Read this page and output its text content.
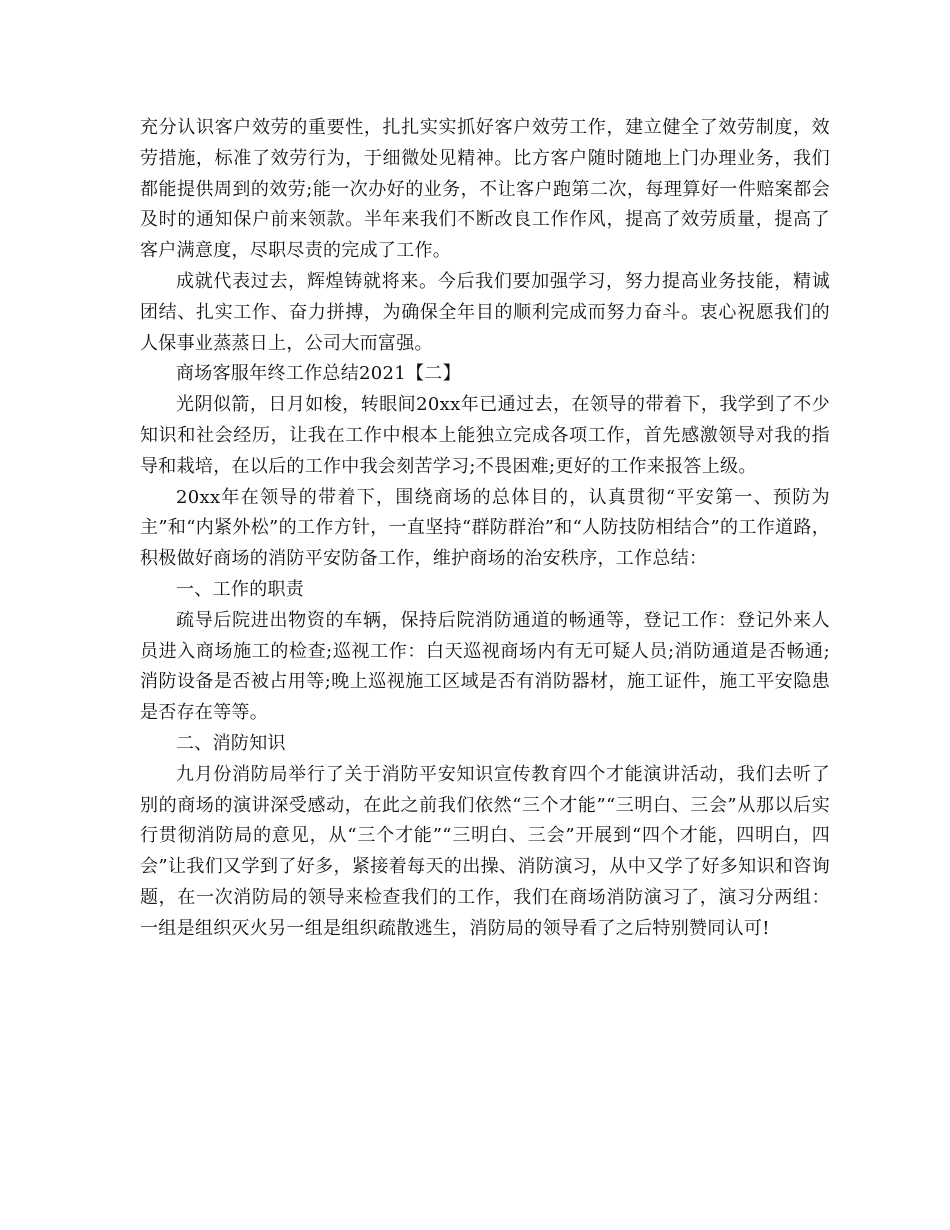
充分认识客户效劳的重要性，扎扎实实抓好客户效劳工作，建立健全了效劳制度，效劳措施，标准了效劳行为，于细微处见精神。比方客户随时随地上门办理业务，我们都能提供周到的效劳;能一次办好的业务，不让客户跑第二次，每理算好一件赔案都会及时的通知保户前来领款。半年来我们不断改良工作作风，提高了效劳质量，提高了客户满意度，尽职尽责的完成了工作。

成就代表过去，辉煌铸就将来。今后我们要加强学习，努力提高业务技能，精诚团结、扎实工作、奋力拼搏，为确保全年目的顺利完成而努力奋斗。衷心祝愿我们的人保事业蒸蒸日上，公司大而富强。

商场客服年终工作总结2021【二】

光阴似箭，日月如梭，转眼间20xx年已通过去，在领导的带着下，我学到了不少知识和社会经历，让我在工作中根本上能独立完成各项工作，首先感激领导对我的指导和栽培，在以后的工作中我会刻苦学习;不畏困难;更好的工作来报答上级。

20xx年在领导的带着下，围绕商场的总体目的，认真贯彻“平安第一、预防为主”和“内紧外松”的工作方针，一直坚持“群防群治”和“人防技防相结合”的工作道路，积极做好商场的消防平安防备工作，维护商场的治安秩序，工作总结：

一、工作的职责

疏导后院进出物资的车辆，保持后院消防通道的畅通等，登记工作：登记外来人员进入商场施工的检查;巡视工作：白天巡视商场内有无可疑人员;消防通道是否畅通;消防设备是否被占用等;晚上巡视施工区域是否有消防器材，施工证件，施工平安隐患是否存在等等。

二、消防知识

九月份消防局举行了关于消防平安知识宣传教育四个才能演讲活动，我们去听了别的商场的演讲深受感动，在此之前我们依然“三个才能”“三明白、三会”从那以后实行贯彻消防局的意见，从“三个才能”“三明白、三会”开展到“四个才能，四明白，四会”让我们又学到了好多，紧接着每天的出操、消防演习，从中又学了好多知识和咨询题，在一次消防局的领导来检查我们的工作，我们在商场消防演习了，演习分两组：一组是组织灭火另一组是组织疏散逃生，消防局的领导看了之后特别赞同认可!
